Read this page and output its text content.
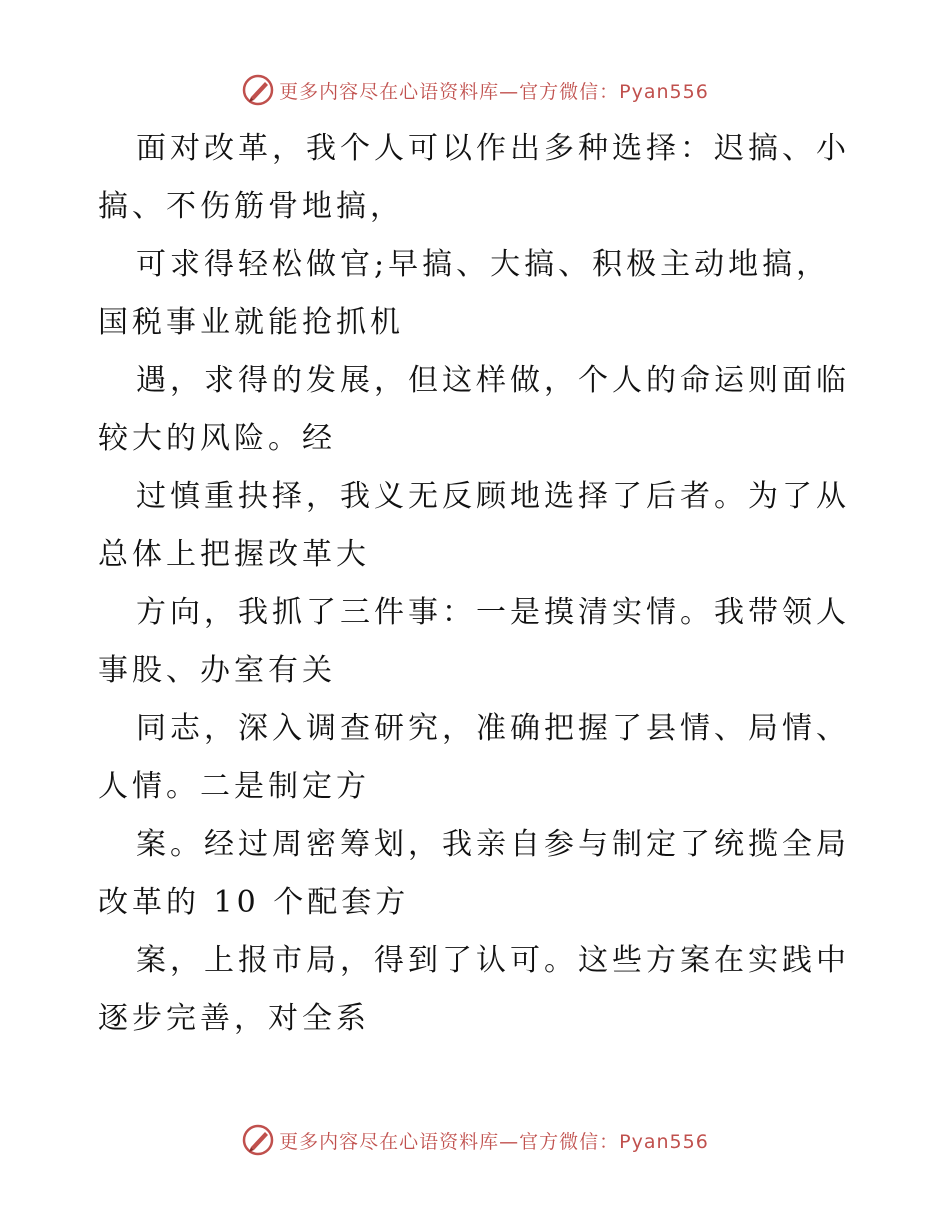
更多内容尽在心语资料库—官方微信：Pyan556
面对改革，我个人可以作出多种选择：迟搞、小
搞、不伤筋骨地搞，
可求得轻松做官;早搞、大搞、积极主动地搞，
国税事业就能抢抓机
遇，求得的发展，但这样做，个人的命运则面临
较大的风险。经
过慎重抉择，我义无反顾地选择了后者。为了从
总体上把握改革大
方向，我抓了三件事：一是摸清实情。我带领人
事股、办室有关
同志，深入调查研究，准确把握了县情、局情、
人情。二是制定方
案。经过周密筹划，我亲自参与制定了统揽全局
改革的 10 个配套方
案，上报市局，得到了认可。这些方案在实践中
逐步完善，对全系
更多内容尽在心语资料库—官方微信：Pyan556
